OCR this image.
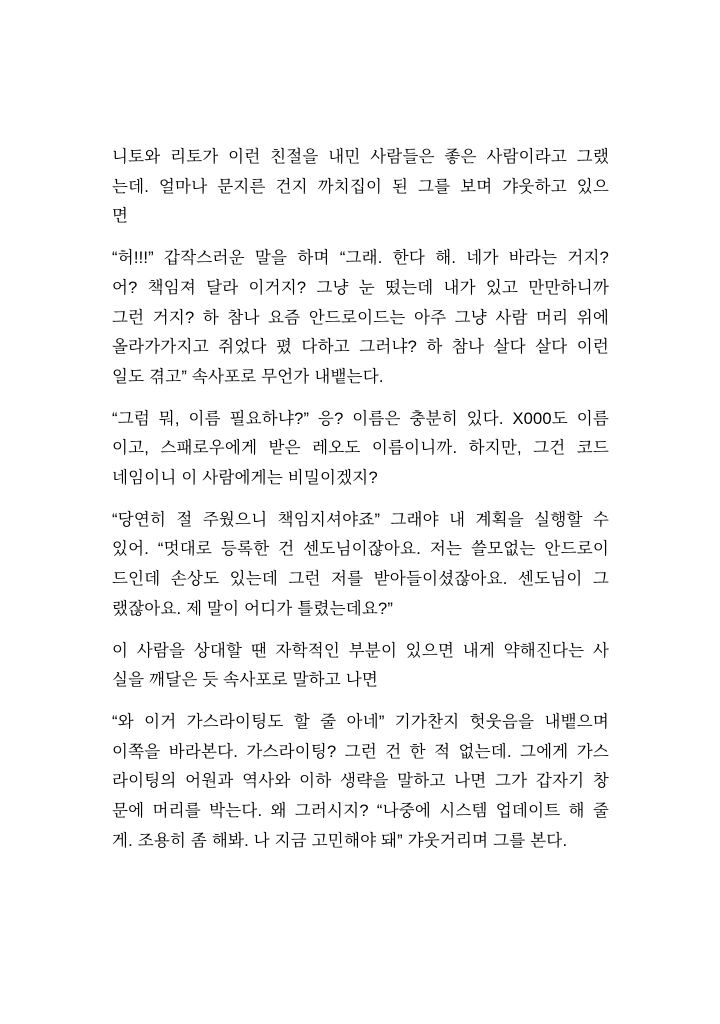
니토와 리토가 이런 친절을 내민 사람들은 좋은 사람이라고 그랬
는데. 얼마나 문지른 건지 까치집이 된 그를 보며 갸웃하고 있으
면

“허!!!” 갑작스러운 말을 하며 “그래. 한다 해. 네가 바라는 거지?
어? 책임져 달라 이거지? 그냥 눈 떴는데 내가 있고 만만하니까
그런 거지? 하 참나 요즘 안드로이드는 아주 그냥 사람 머리 위에
올라가가지고 쥐었다 폈 다하고 그러냐? 하 참나 살다 살다 이런
일도 겪고” 속사포로 무언가 내뱉는다.

“그럼 뭐, 이름 필요하냐?” 응? 이름은 충분히 있다. X000도 이름
이고, 스패로우에게 받은 레오도 이름이니까. 하지만, 그건 코드
네임이니 이 사람에게는 비밀이겠지?

“당연히 절 주웠으니 책임지셔야죠” 그래야 내 계획을 실행할 수
있어. “멋대로 등록한 건 센도님이잖아요. 저는 쓸모없는 안드로이
드인데 손상도 있는데 그런 저를 받아들이셨잖아요. 센도님이 그
랬잖아요. 제 말이 어디가 틀렸는데요?”

이 사람을 상대할 땐 자학적인 부분이 있으면 내게 약해진다는 사
실을 깨달은 듯 속사포로 말하고 나면

“와 이거 가스라이팅도 할 줄 아네” 기가찬지 헛웃음을 내뱉으며
이쪽을 바라본다. 가스라이팅? 그런 건 한 적 없는데. 그에게 가스
라이팅의 어원과 역사와 이하 생략을 말하고 나면 그가 갑자기 창
문에 머리를 박는다. 왜 그러시지? “나중에 시스템 업데이트 해 줄
게. 조용히 좀 해봐. 나 지금 고민해야 돼” 갸웃거리며 그를 본다.
